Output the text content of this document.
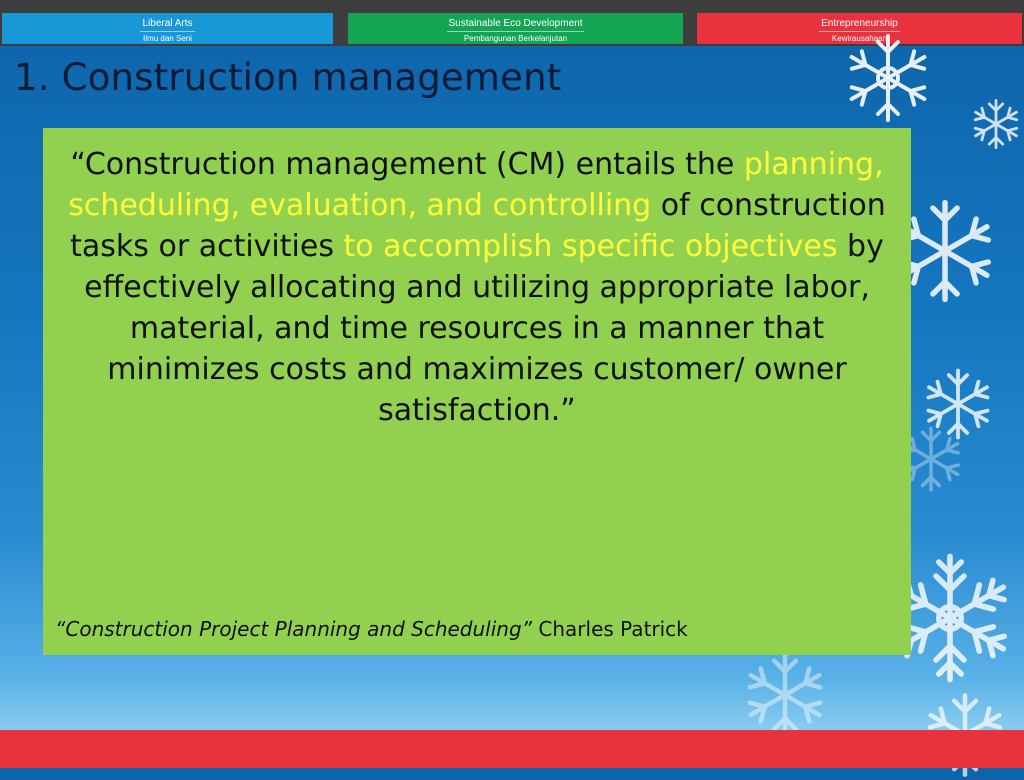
Liberal Arts
Ilmu dan Seni
Sustainable Eco Development
Pembangunan Berkelanjutan
Entrepreneurship
Kewirausahaan
1. Construction management

“Construction management (CM) entails the planning, scheduling, evaluation, and controlling of construction tasks or activities to accomplish specific objectives by effectively allocating and utilizing appropriate labor, material, and time resources in a manner that minimizes costs and maximizes customer/ owner satisfaction.”

“Construction Project Planning and Scheduling” Charles Patrick
